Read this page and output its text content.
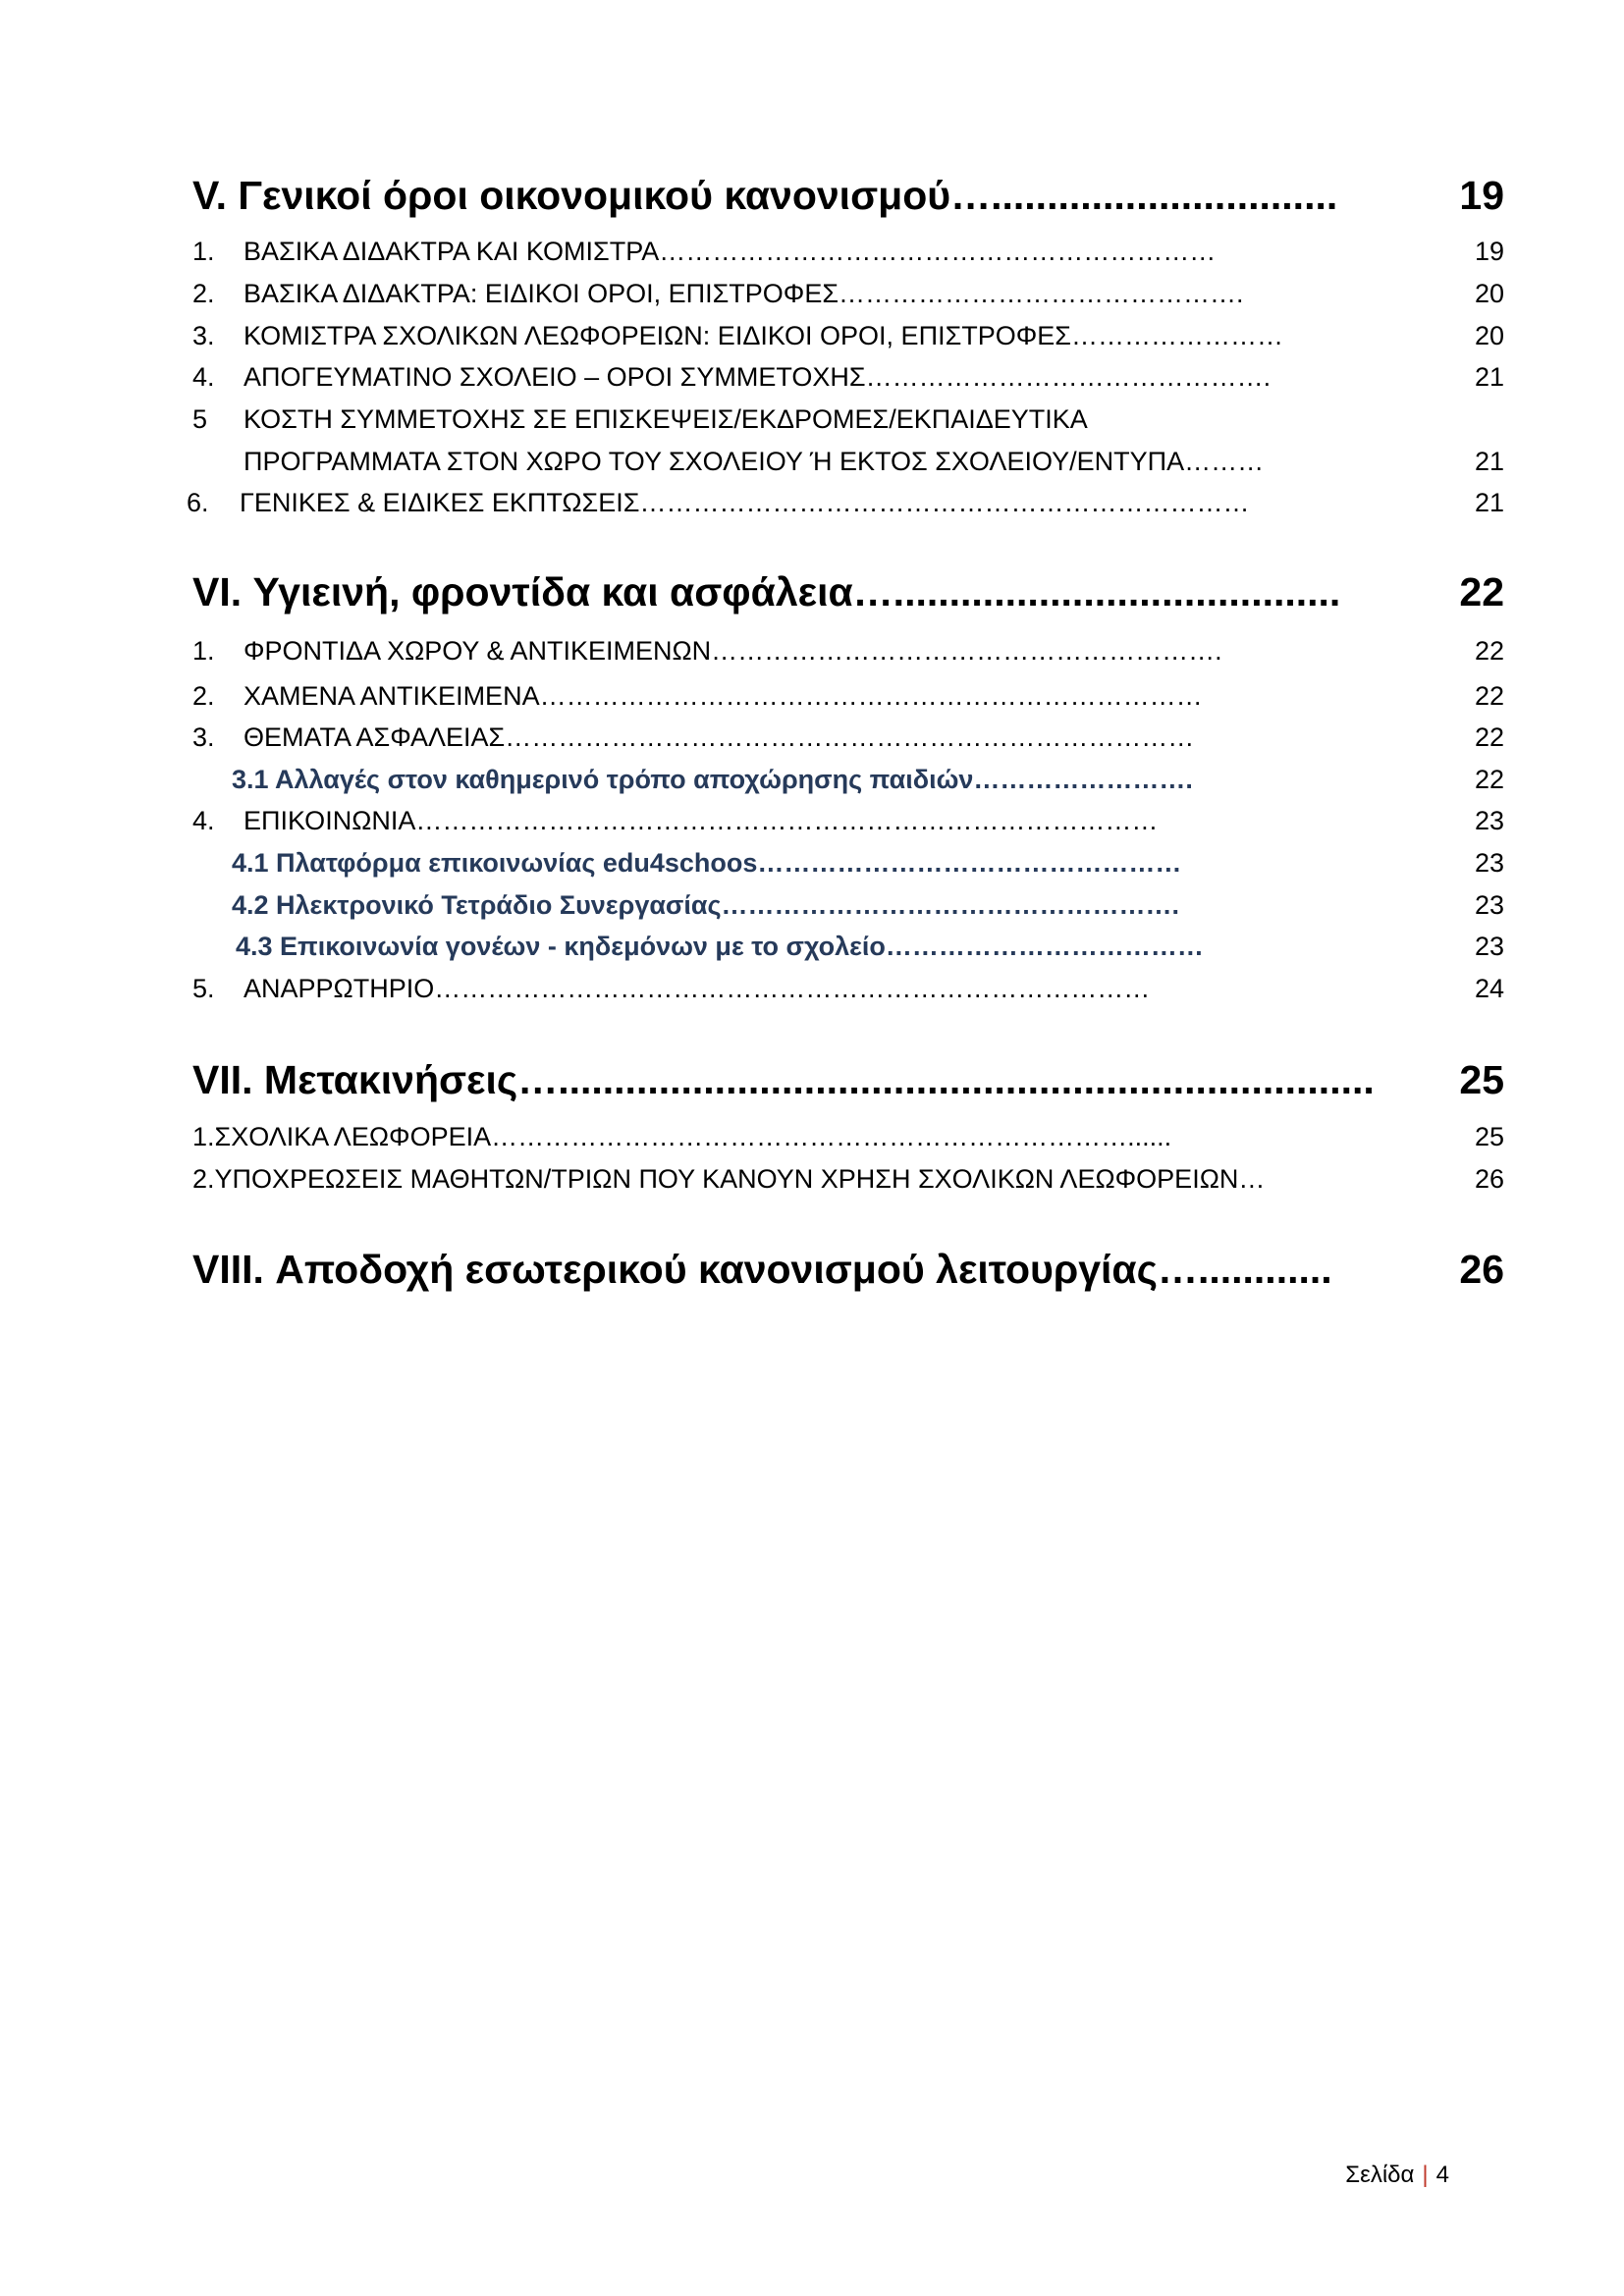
V. Γενικοί όροι οικονομικού κανονισμού…...............................	19
1. ΒΑΣΙΚΑ ΔΙΔΑΚΤΡΑ ΚΑΙ ΚΟΜΙΣΤΡΑ………………………………………………………	19
2. ΒΑΣΙΚΑ ΔΙΔΑΚΤΡΑ: ΕΙΔΙΚΟΙ ΟΡΟΙ, ΕΠΙΣΤΡΟΦΕΣ……………………………………….	20
3. ΚΟΜΙΣΤΡΑ ΣΧΟΛΙΚΩΝ ΛΕΩΦΟΡΕΙΩΝ: ΕΙΔΙΚΟΙ ΟΡΟΙ, ΕΠΙΣΤΡΟΦΕΣ……………………	20
4. ΑΠΟΓΕΥΜΑΤΙΝΟ ΣΧΟΛΕΙΟ – ΟΡΟΙ ΣΥΜΜΕΤΟΧΗΣ……………………………………….	21
5 ΚΟΣΤΗ ΣΥΜΜΕΤΟΧΗΣ ΣΕ ΕΠΙΣΚΕΨΕΙΣ/ΕΚΔΡΟΜΕΣ/ΕΚΠΑΙΔΕΥΤΙΚΑ
ΠΡΟΓΡΑΜΜΑΤΑ ΣΤΟΝ ΧΩΡΟ ΤΟΥ ΣΧΟΛΕΙΟΥ Ή ΕΚΤΟΣ ΣΧΟΛΕΙΟΥ/ΕΝΤΥΠΑ………	21
6. ΓΕΝΙΚΕΣ & ΕΙΔΙΚΕΣ ΕΚΠΤΩΣΕΙΣ……………………………………………………………	21
VI. Υγιεινή, φροντίδα και ασφάλεια…........................................	22
1. ΦΡΟΝΤΙΔΑ ΧΩΡΟΥ & ΑΝΤΙΚΕΙΜΕΝΩΝ………………………………………………….	22
2. ΧΑΜΕΝΑ ΑΝΤΙΚΕΙΜΕΝΑ…………………………………………………………………	22
3. ΘΕΜΑΤΑ ΑΣΦΑΛΕΙΑΣ……………………………………………………………………	22
3.1 Αλλαγές στον καθημερινό τρόπο αποχώρησης παιδιών…………………….	22
4. ΕΠΙΚΟΙΝΩΝΙΑ…………………………………………………………………………	23
4.1 Πλατφόρμα επικοινωνίας edu4schoos…………………………………………	23
4.2 Ηλεκτρονικό Τετράδιο Συνεργασίας…………………………………………….	23
4.3 Επικοινωνία γονέων - κηδεμόνων με το σχολείο………………………………	23
5. ΑΝΑΡΡΩΤΗΡΙΟ………………………………………………………………………	24
VII. Μετακινήσεις…......................................................................... 25
1.ΣΧΟΛΙΚΑ ΛΕΩΦΟΡΕΙΑ………………………………………………………………......	25
2.ΥΠΟΧΡΕΩΣΕΙΣ ΜΑΘΗΤΩΝ/ΤΡΙΩΝ ΠΟΥ ΚΑΝΟΥΝ ΧΡΗΣΗ ΣΧΟΛΙΚΩΝ ΛΕΩΦΟΡΕΙΩΝ…	26
VIII. Αποδοχή εσωτερικού κανονισμού λειτουργίας…............	26
Σελίδα | 4
